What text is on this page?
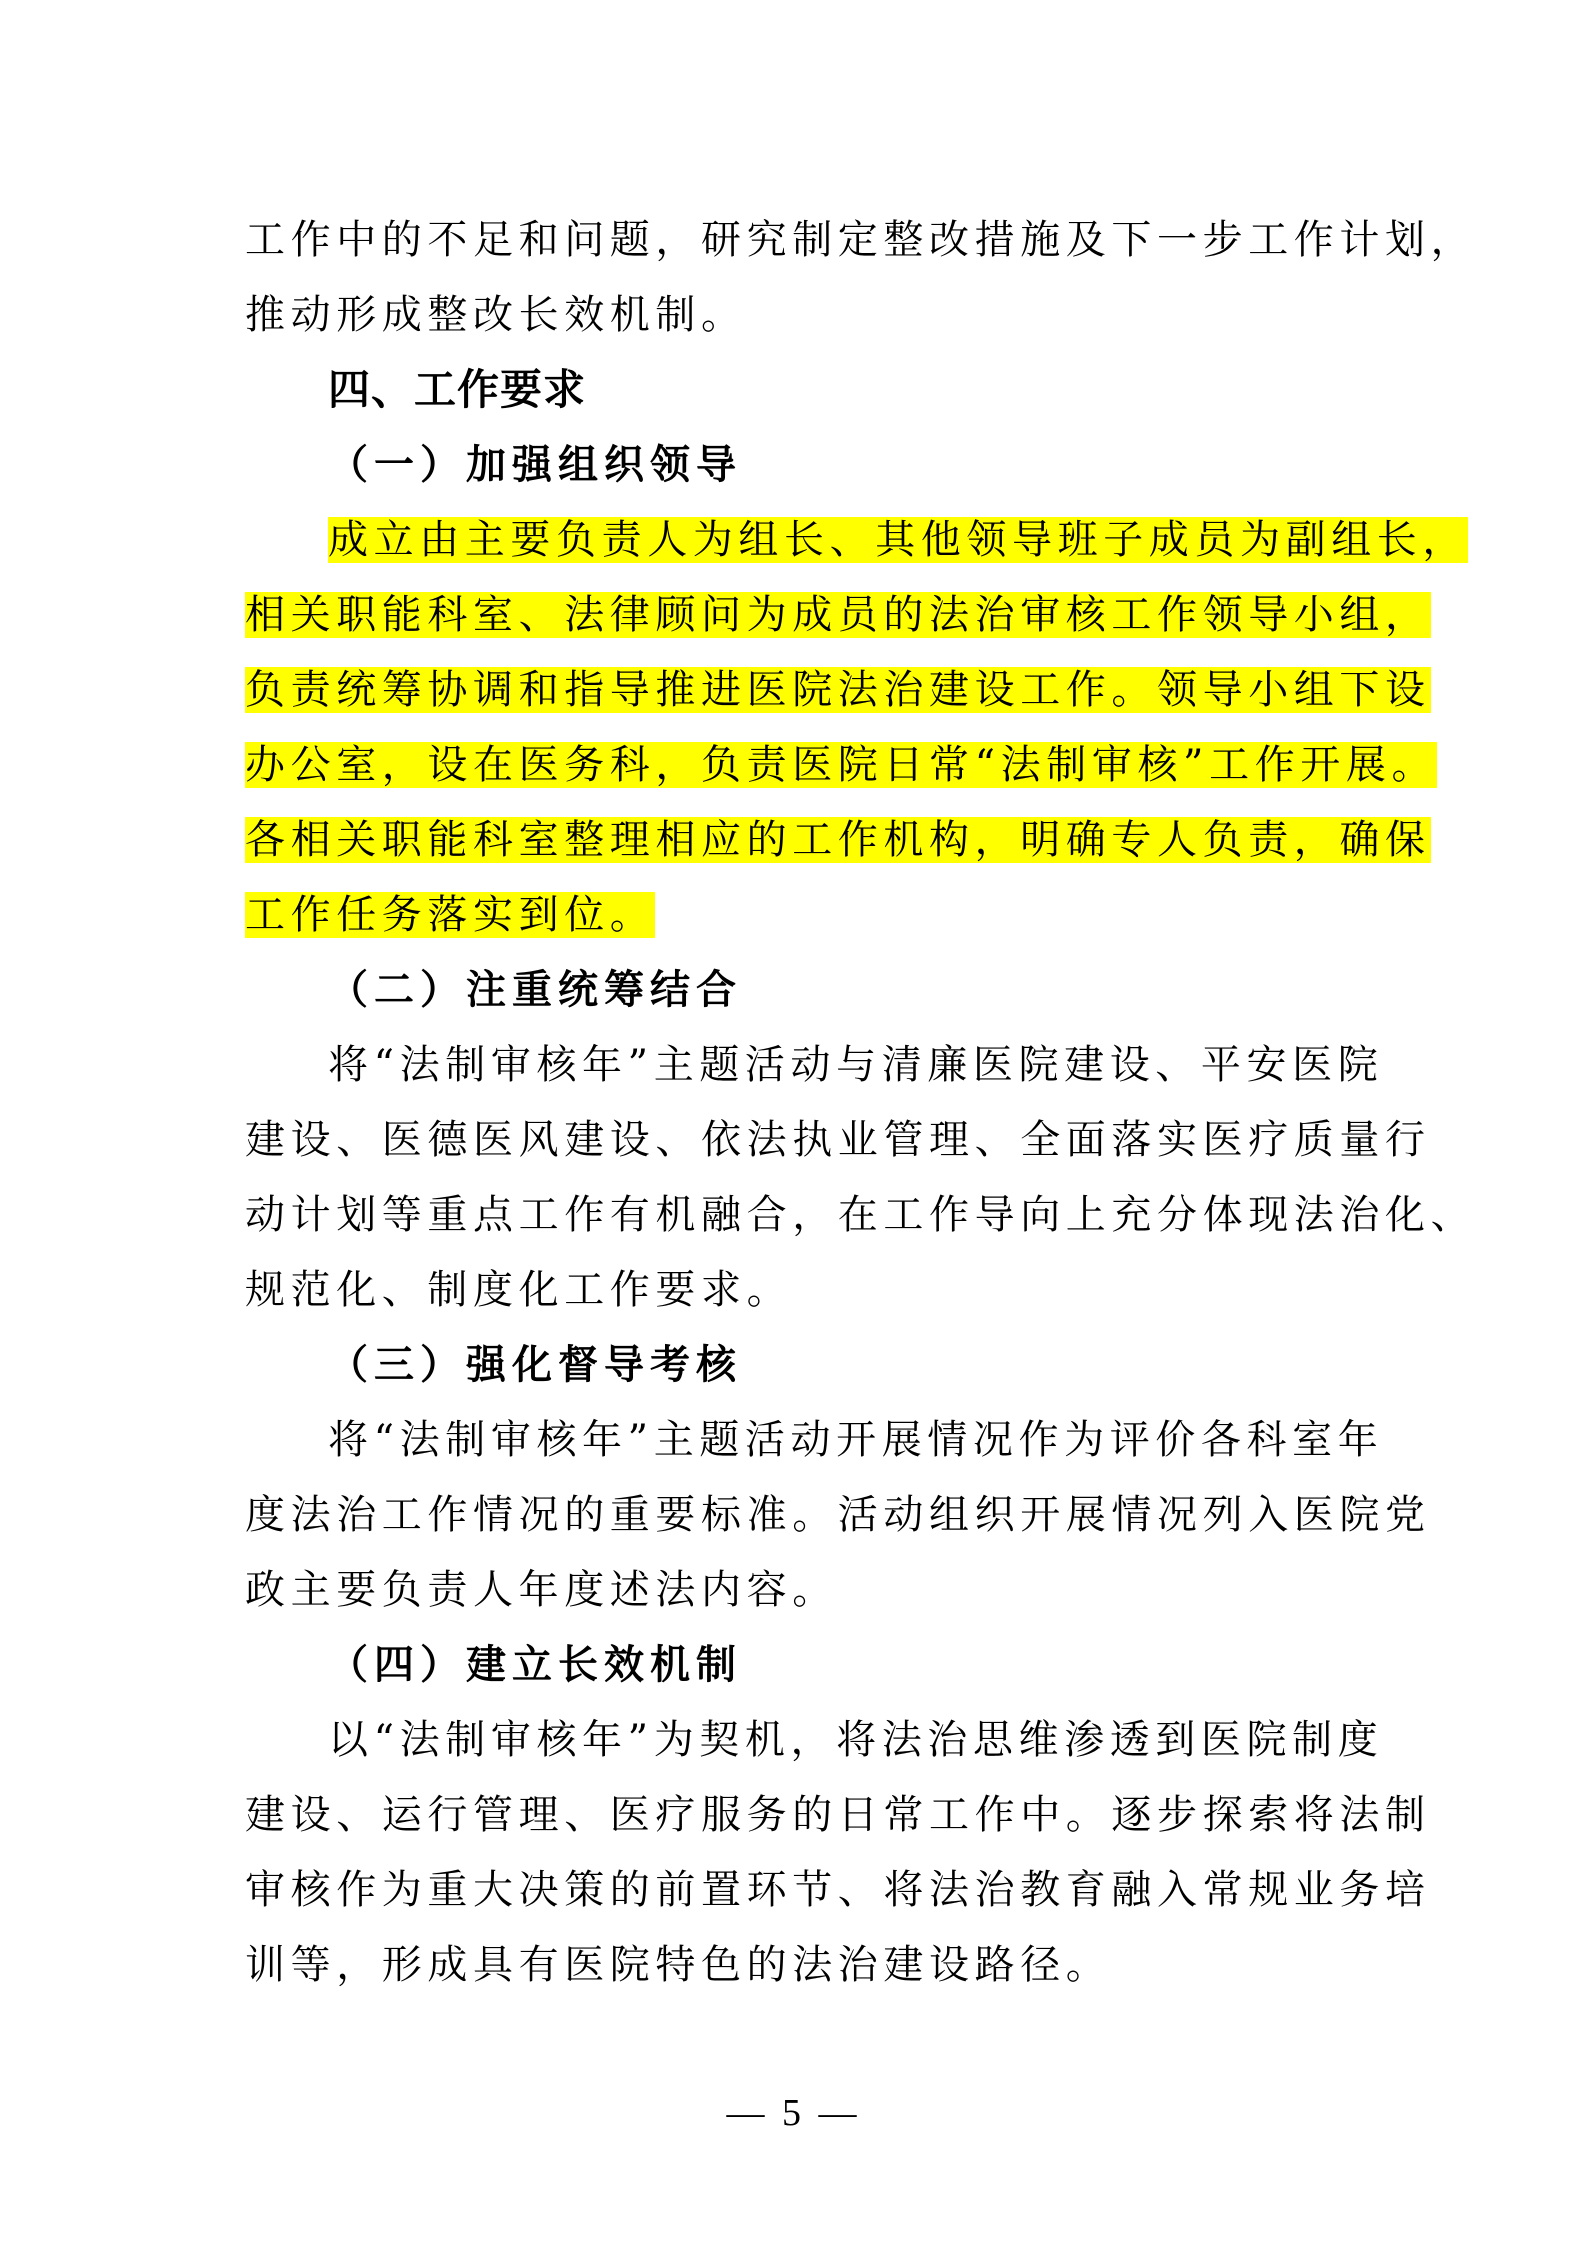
工作中的不足和问题，研究制定整改措施及下一步工作计划，
推动形成整改长效机制。
四、工作要求
（一）加强组织领导
成立由主要负责人为组长、其他领导班子成员为副组长，
相关职能科室、法律顾问为成员的法治审核工作领导小组，
负责统筹协调和指导推进医院法治建设工作。领导小组下设
办公室，设在医务科，负责医院日常“法制审核”工作开展。
各相关职能科室整理相应的工作机构，明确专人负责，确保
工作任务落实到位。
（二）注重统筹结合
将“法制审核年”主题活动与清廉医院建设、平安医院
建设、医德医风建设、依法执业管理、全面落实医疗质量行
动计划等重点工作有机融合，在工作导向上充分体现法治化、
规范化、制度化工作要求。
（三）强化督导考核
将“法制审核年”主题活动开展情况作为评价各科室年
度法治工作情况的重要标准。活动组织开展情况列入医院党
政主要负责人年度述法内容。
（四）建立长效机制
以“法制审核年”为契机，将法治思维渗透到医院制度
建设、运行管理、医疗服务的日常工作中。逐步探索将法制
审核作为重大决策的前置环节、将法治教育融入常规业务培
训等，形成具有医院特色的法治建设路径。
— 5 —
